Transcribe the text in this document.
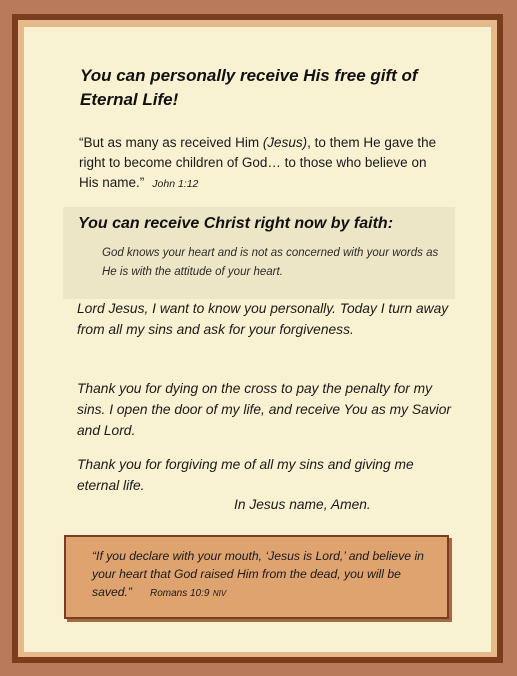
You can personally receive His free gift of Eternal Life!
“But as many as received Him (Jesus), to them He gave the right to become children of God… to those who believe on His name.” John 1:12
You can receive Christ right now by faith:
God knows your heart and is not as concerned with your words as He is with the attitude of your heart.
Lord Jesus, I want to know you personally. Today I turn away from all my sins and ask for your forgiveness.
Thank you for dying on the cross to pay the penalty for my sins. I open the door of my life, and receive You as my Savior and Lord.
Thank you for forgiving me of all my sins and giving me eternal life.
In Jesus name, Amen.
“If you declare with your mouth, ‘Jesus is Lord,’ and believe in your heart that God raised Him from the dead, you will be saved.” Romans 10:9 NIV
